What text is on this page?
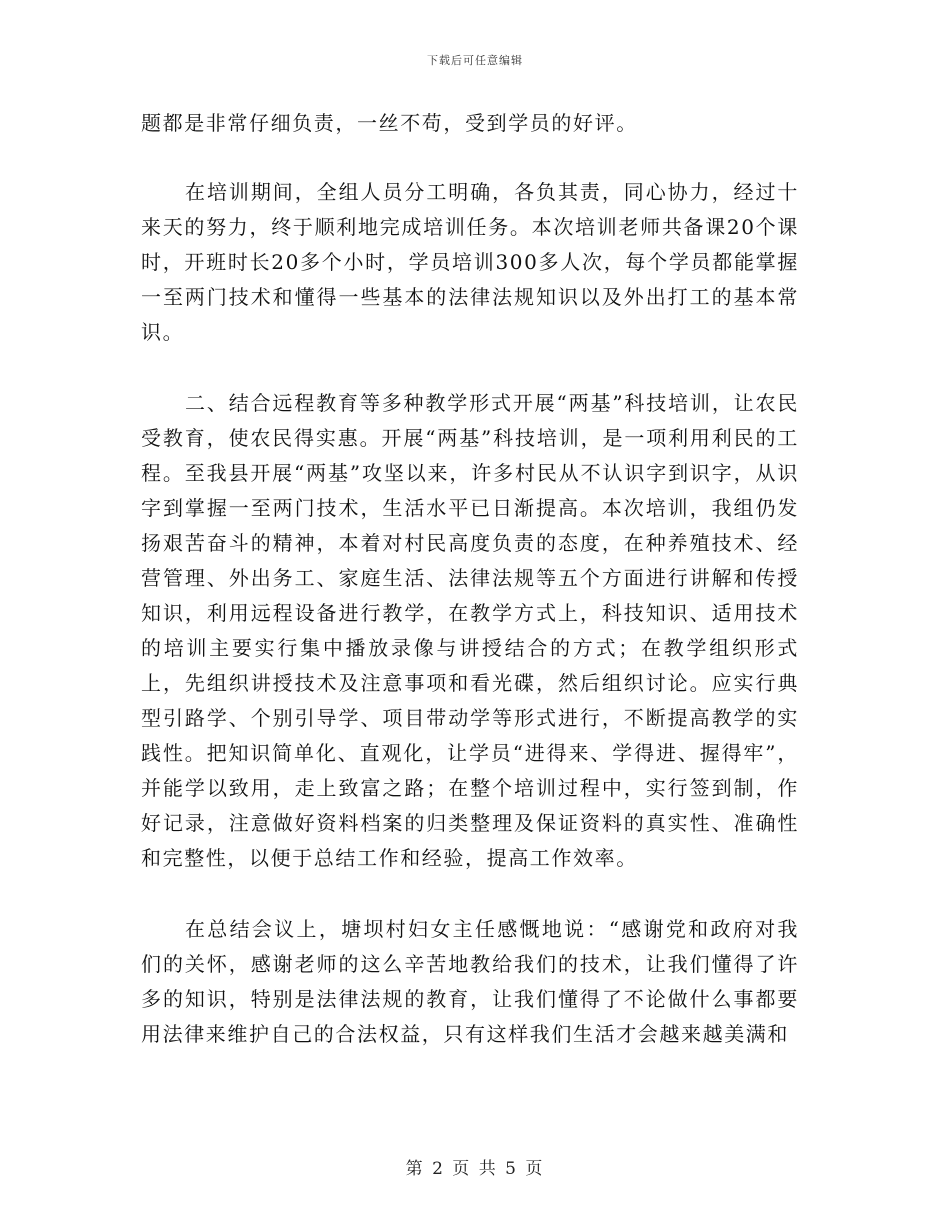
下载后可任意编辑

题都是非常仔细负责，一丝不苟，受到学员的好评。

在培训期间，全组人员分工明确，各负其责，同心协力，经过十来天的努力，终于顺利地完成培训任务。本次培训老师共备课20个课时，开班时长20多个小时，学员培训300多人次，每个学员都能掌握一至两门技术和懂得一些基本的法律法规知识以及外出打工的基本常识。

二、结合远程教育等多种教学形式开展“两基”科技培训，让农民受教育，使农民得实惠。开展“两基”科技培训，是一项利用利民的工程。至我县开展“两基”攻坚以来，许多村民从不认识字到识字，从识字到掌握一至两门技术，生活水平已日渐提高。本次培训，我组仍发扬艰苦奋斗的精神，本着对村民高度负责的态度，在种养殖技术、经营管理、外出务工、家庭生活、法律法规等五个方面进行讲解和传授知识，利用远程设备进行教学，在教学方式上，科技知识、适用技术的培训主要实行集中播放录像与讲授结合的方式；在教学组织形式上，先组织讲授技术及注意事项和看光碟，然后组织讨论。应实行典型引路学、个别引导学、项目带动学等形式进行，不断提高教学的实践性。把知识简单化、直观化，让学员“进得来、学得进、握得牢”，并能学以致用，走上致富之路；在整个培训过程中，实行签到制，作好记录，注意做好资料档案的归类整理及保证资料的真实性、准确性和完整性，以便于总结工作和经验，提高工作效率。

在总结会议上，塘坝村妇女主任感慨地说：“感谢党和政府对我们的关怀，感谢老师的这么辛苦地教给我们的技术，让我们懂得了许多的知识，特别是法律法规的教育，让我们懂得了不论做什么事都要用法律来维护自己的合法权益，只有这样我们生活才会越来越美满和

第 2 页 共 5 页
